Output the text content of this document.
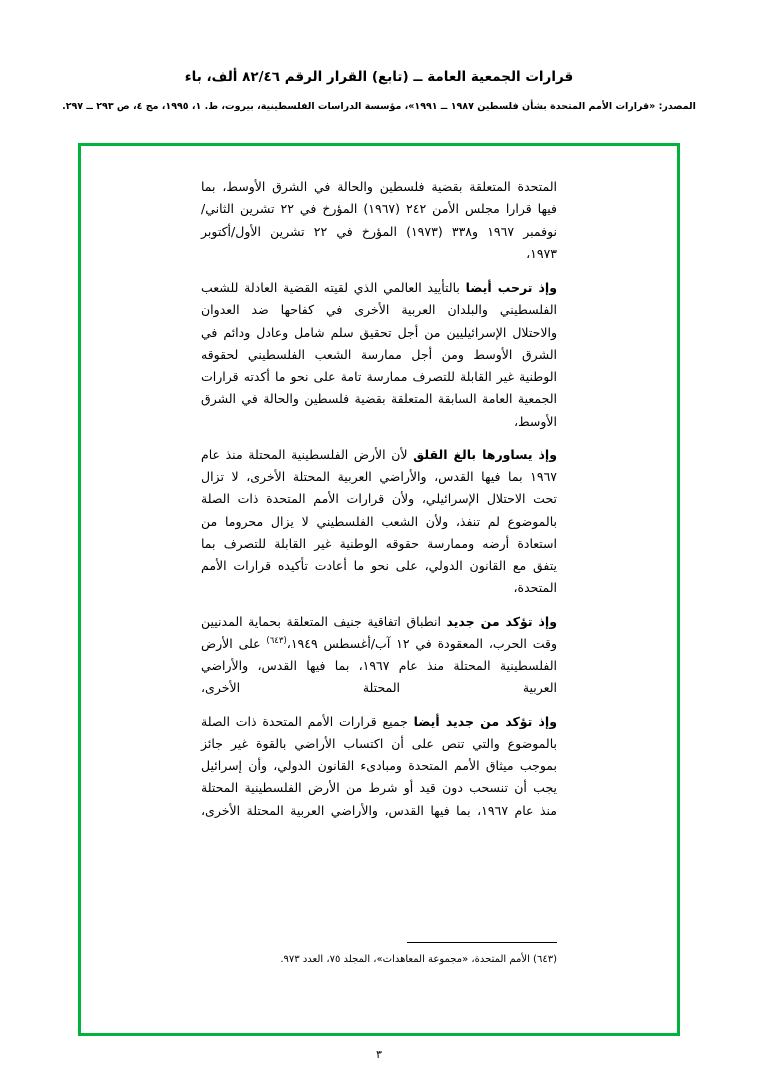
قرارات الجمعية العامة ــ (تابع) القرار الرقم ٨٢/٤٦ ألف، باء
المصدر: «قرارات الأمم المتحدة بشأن فلسطين ١٩٨٧ ــ ١٩٩١»، مؤسسة الدراسات الفلسطينية، بيروت، ط. ١، ١٩٩٥، مج ٤، ص ٢٩٣ ــ ٢٩٧.
المتحدة المتعلقة بقضية فلسطين والحالة في الشرق الأوسط، بما فيها قرارا مجلس الأمن ٢٤٢ (١٩٦٧) المؤرخ في ٢٢ تشرين الثاني/نوفمبر ١٩٦٧ و٣٣٨ (١٩٧٣) المؤرخ في ٢٢ تشرين الأول/أكتوبر ١٩٧٣،
وإذ ترحب أيضا بالتأييد العالمي الذي لقيته القضية العادلة للشعب الفلسطيني والبلدان العربية الأخرى في كفاحها ضد العدوان والاحتلال الإسرائيليين من أجل تحقيق سلم شامل وعادل ودائم في الشرق الأوسط ومن أجل ممارسة الشعب الفلسطيني لحقوقه الوطنية غير القابلة للتصرف ممارسة تامة على نحو ما أكدته قرارات الجمعية العامة السابقة المتعلقة بقضية فلسطين والحالة في الشرق الأوسط،
وإذ يساورها بالغ القلق لأن الأرض الفلسطينية المحتلة منذ عام ١٩٦٧ بما فيها القدس، والأراضي العربية المحتلة الأخرى، لا تزال تحت الاحتلال الإسرائيلي، ولأن قرارات الأمم المتحدة ذات الصلة بالموضوع لم تنفذ، ولأن الشعب الفلسطيني لا يزال محروما من استعادة أرضه وممارسة حقوقه الوطنية غير القابلة للتصرف بما يتفق مع القانون الدولي، على نحو ما أعادت تأكيده قرارات الأمم المتحدة،
وإذ تؤكد من جديد انطباق اتفاقية جنيف المتعلقة بحماية المدنيين وقت الحرب، المعقودة في ١٢ آب/أغسطس ١٩٤٩،$^{(٦٤٣)}$ على الأرض الفلسطينية المحتلة منذ عام ١٩٦٧، بما فيها القدس، والأراضي العربية المحتلة الأخرى،
وإذ تؤكد من جديد أيضا جميع قرارات الأمم المتحدة ذات الصلة بالموضوع والتي تنص على أن اكتساب الأراضي بالقوة غير جائز بموجب ميثاق الأمم المتحدة ومبادىء القانون الدولي، وأن إسرائيل يجب أن تنسحب دون قيد أو شرط من الأرض الفلسطينية المحتلة منذ عام ١٩٦٧، بما فيها القدس، والأراضي العربية المحتلة الأخرى،
(٦٤٣) الأمم المتحدة، «مجموعة المعاهدات»، المجلد ٧٥، العدد ٩٧٣.
٣
